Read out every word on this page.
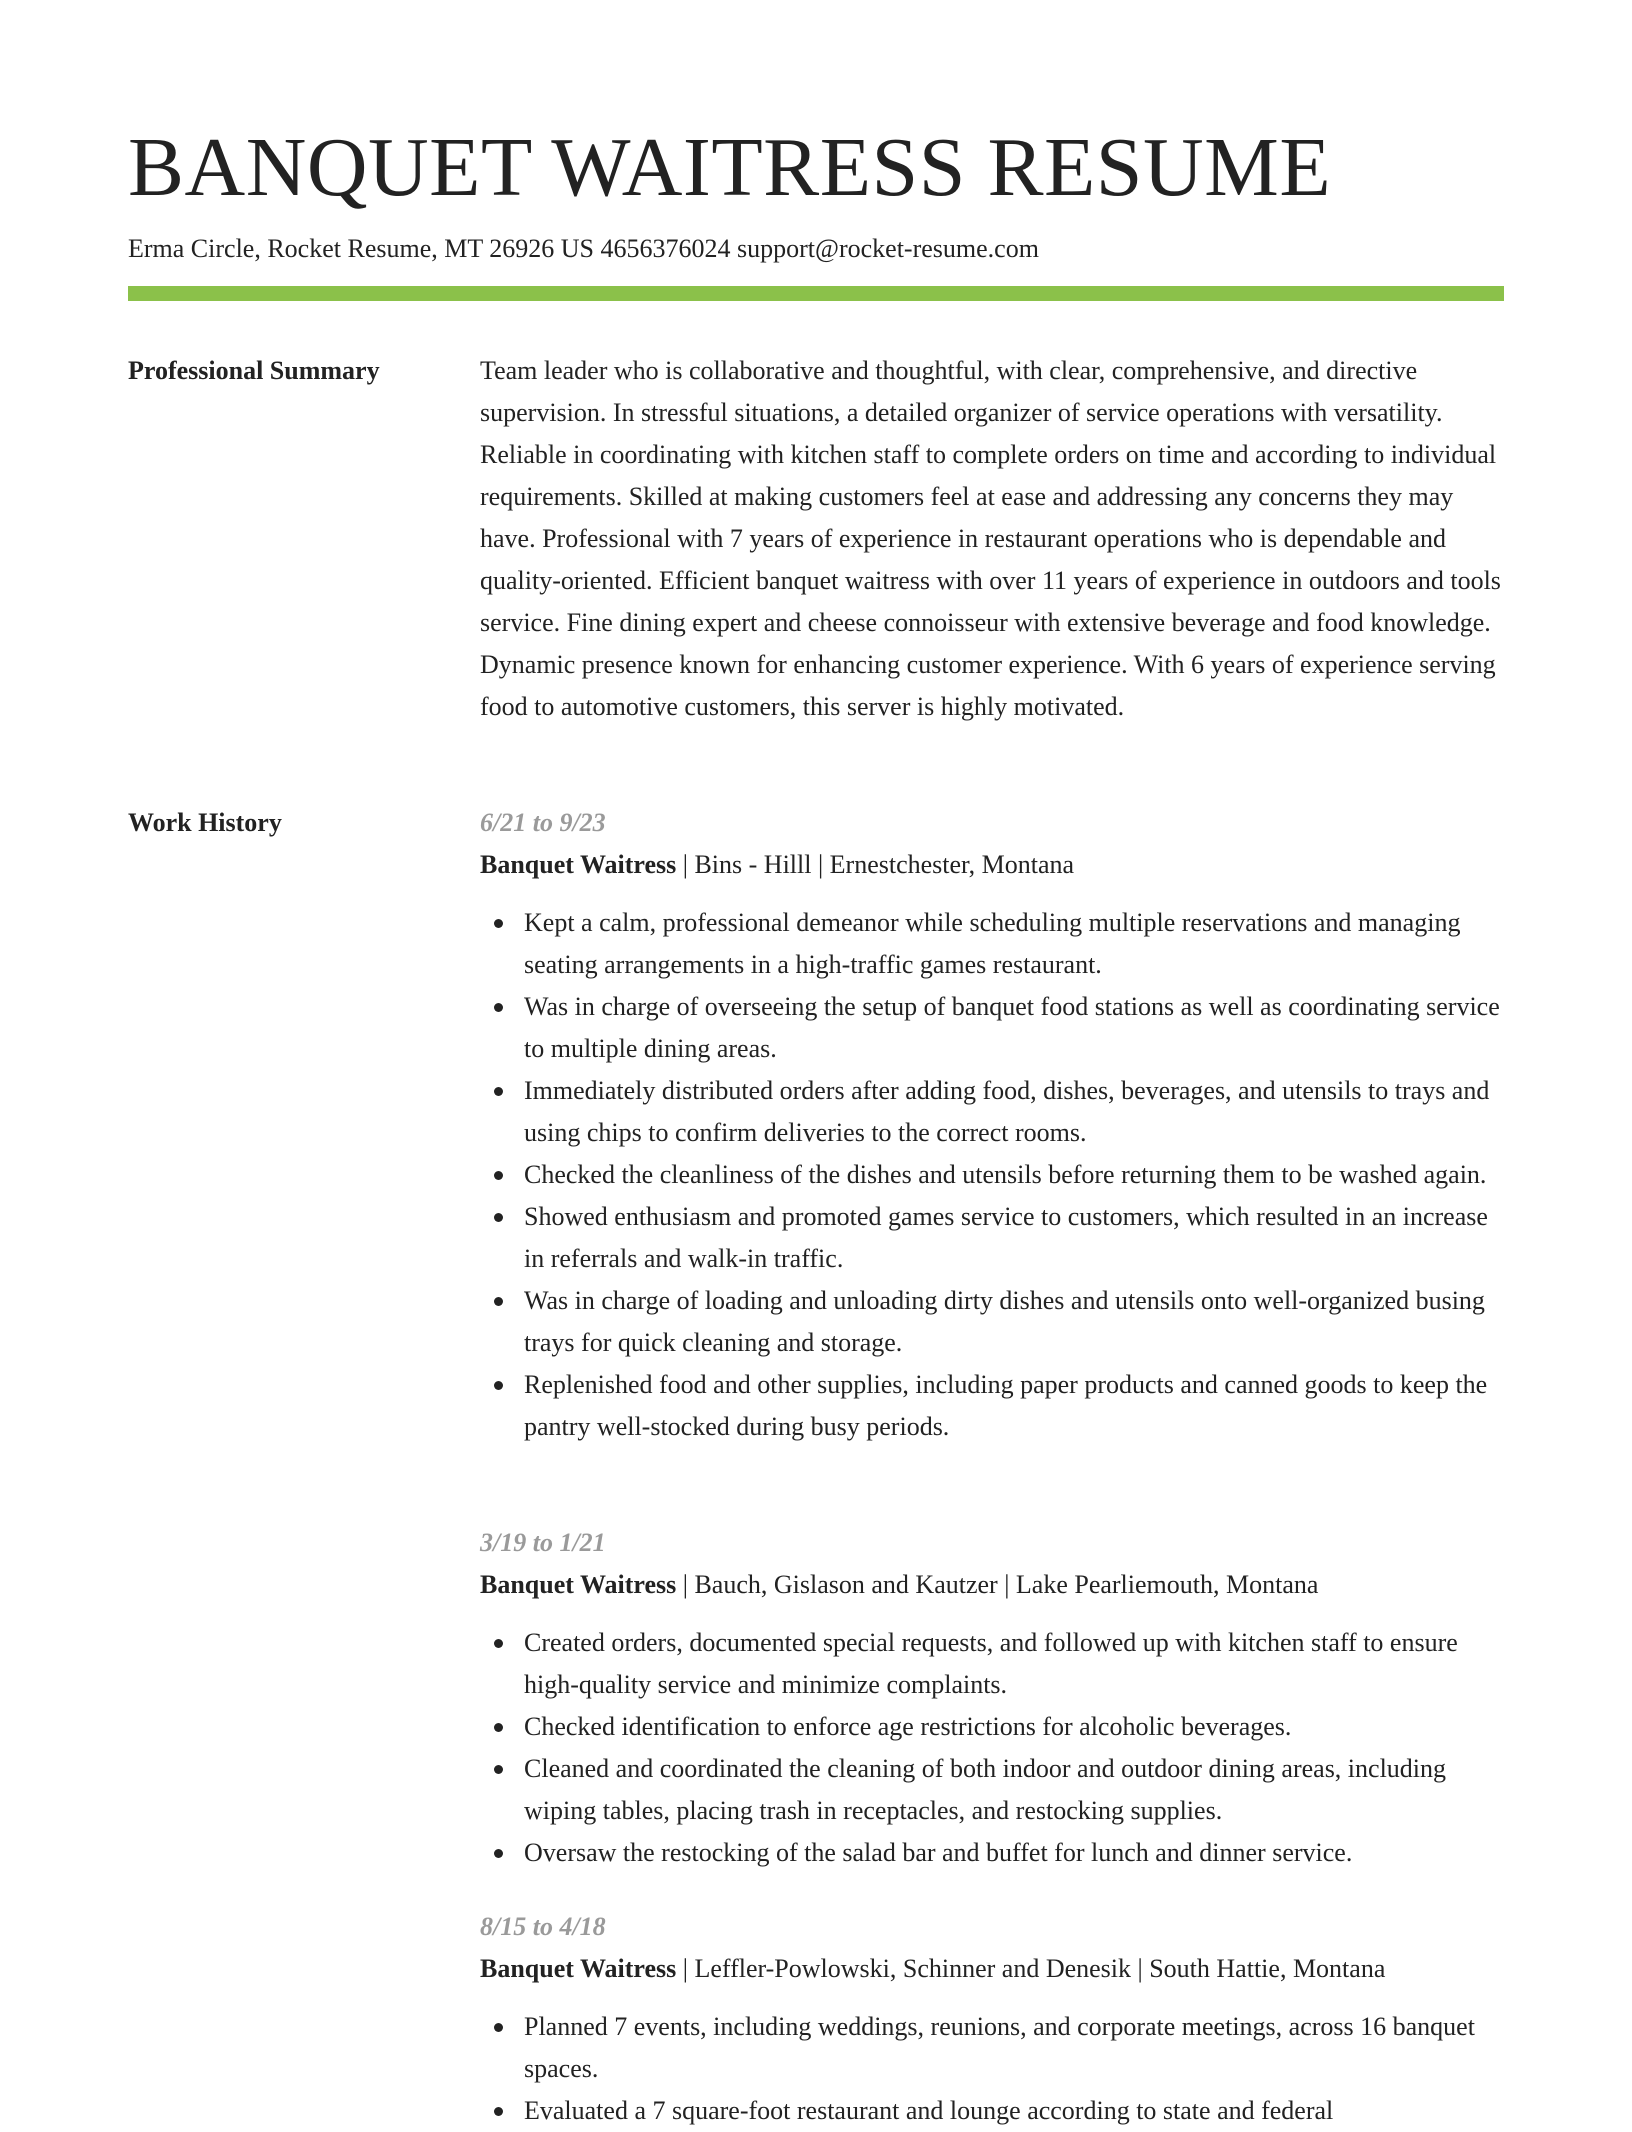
BANQUET WAITRESS RESUME
Erma Circle, Rocket Resume, MT 26926 US 4656376024 support@rocket-resume.com
Professional Summary	Team leader who is collaborative and thoughtful, with clear, comprehensive, and directive supervision. In stressful situations, a detailed organizer of service operations with versatility. Reliable in coordinating with kitchen staff to complete orders on time and according to individual requirements. Skilled at making customers feel at ease and addressing any concerns they may have. Professional with 7 years of experience in restaurant operations who is dependable and quality-oriented. Efficient banquet waitress with over 11 years of experience in outdoors and tools service. Fine dining expert and cheese connoisseur with extensive beverage and food knowledge. Dynamic presence known for enhancing customer experience. With 6 years of experience serving food to automotive customers, this server is highly motivated.

Work History	6/21 to 9/23
Banquet Waitress | Bins - Hilll | Ernestchester, Montana
Kept a calm, professional demeanor while scheduling multiple reservations and managing seating arrangements in a high-traffic games restaurant.
Was in charge of overseeing the setup of banquet food stations as well as coordinating service to multiple dining areas.
Immediately distributed orders after adding food, dishes, beverages, and utensils to trays and using chips to confirm deliveries to the correct rooms.
Checked the cleanliness of the dishes and utensils before returning them to be washed again.
Showed enthusiasm and promoted games service to customers, which resulted in an increase in referrals and walk-in traffic.
Was in charge of loading and unloading dirty dishes and utensils onto well-organized busing trays for quick cleaning and storage.
Replenished food and other supplies, including paper products and canned goods to keep the pantry well-stocked during busy periods.
3/19 to 1/21
Banquet Waitress | Bauch, Gislason and Kautzer | Lake Pearliemouth, Montana
Created orders, documented special requests, and followed up with kitchen staff to ensure high-quality service and minimize complaints.
Checked identification to enforce age restrictions for alcoholic beverages.
Cleaned and coordinated the cleaning of both indoor and outdoor dining areas, including wiping tables, placing trash in receptacles, and restocking supplies.
Oversaw the restocking of the salad bar and buffet for lunch and dinner service.
8/15 to 4/18
Banquet Waitress | Leffler-Powlowski, Schinner and Denesik | South Hattie, Montana
Planned 7 events, including weddings, reunions, and corporate meetings, across 16 banquet spaces.
Evaluated a 7 square-foot restaurant and lounge according to state and federal
